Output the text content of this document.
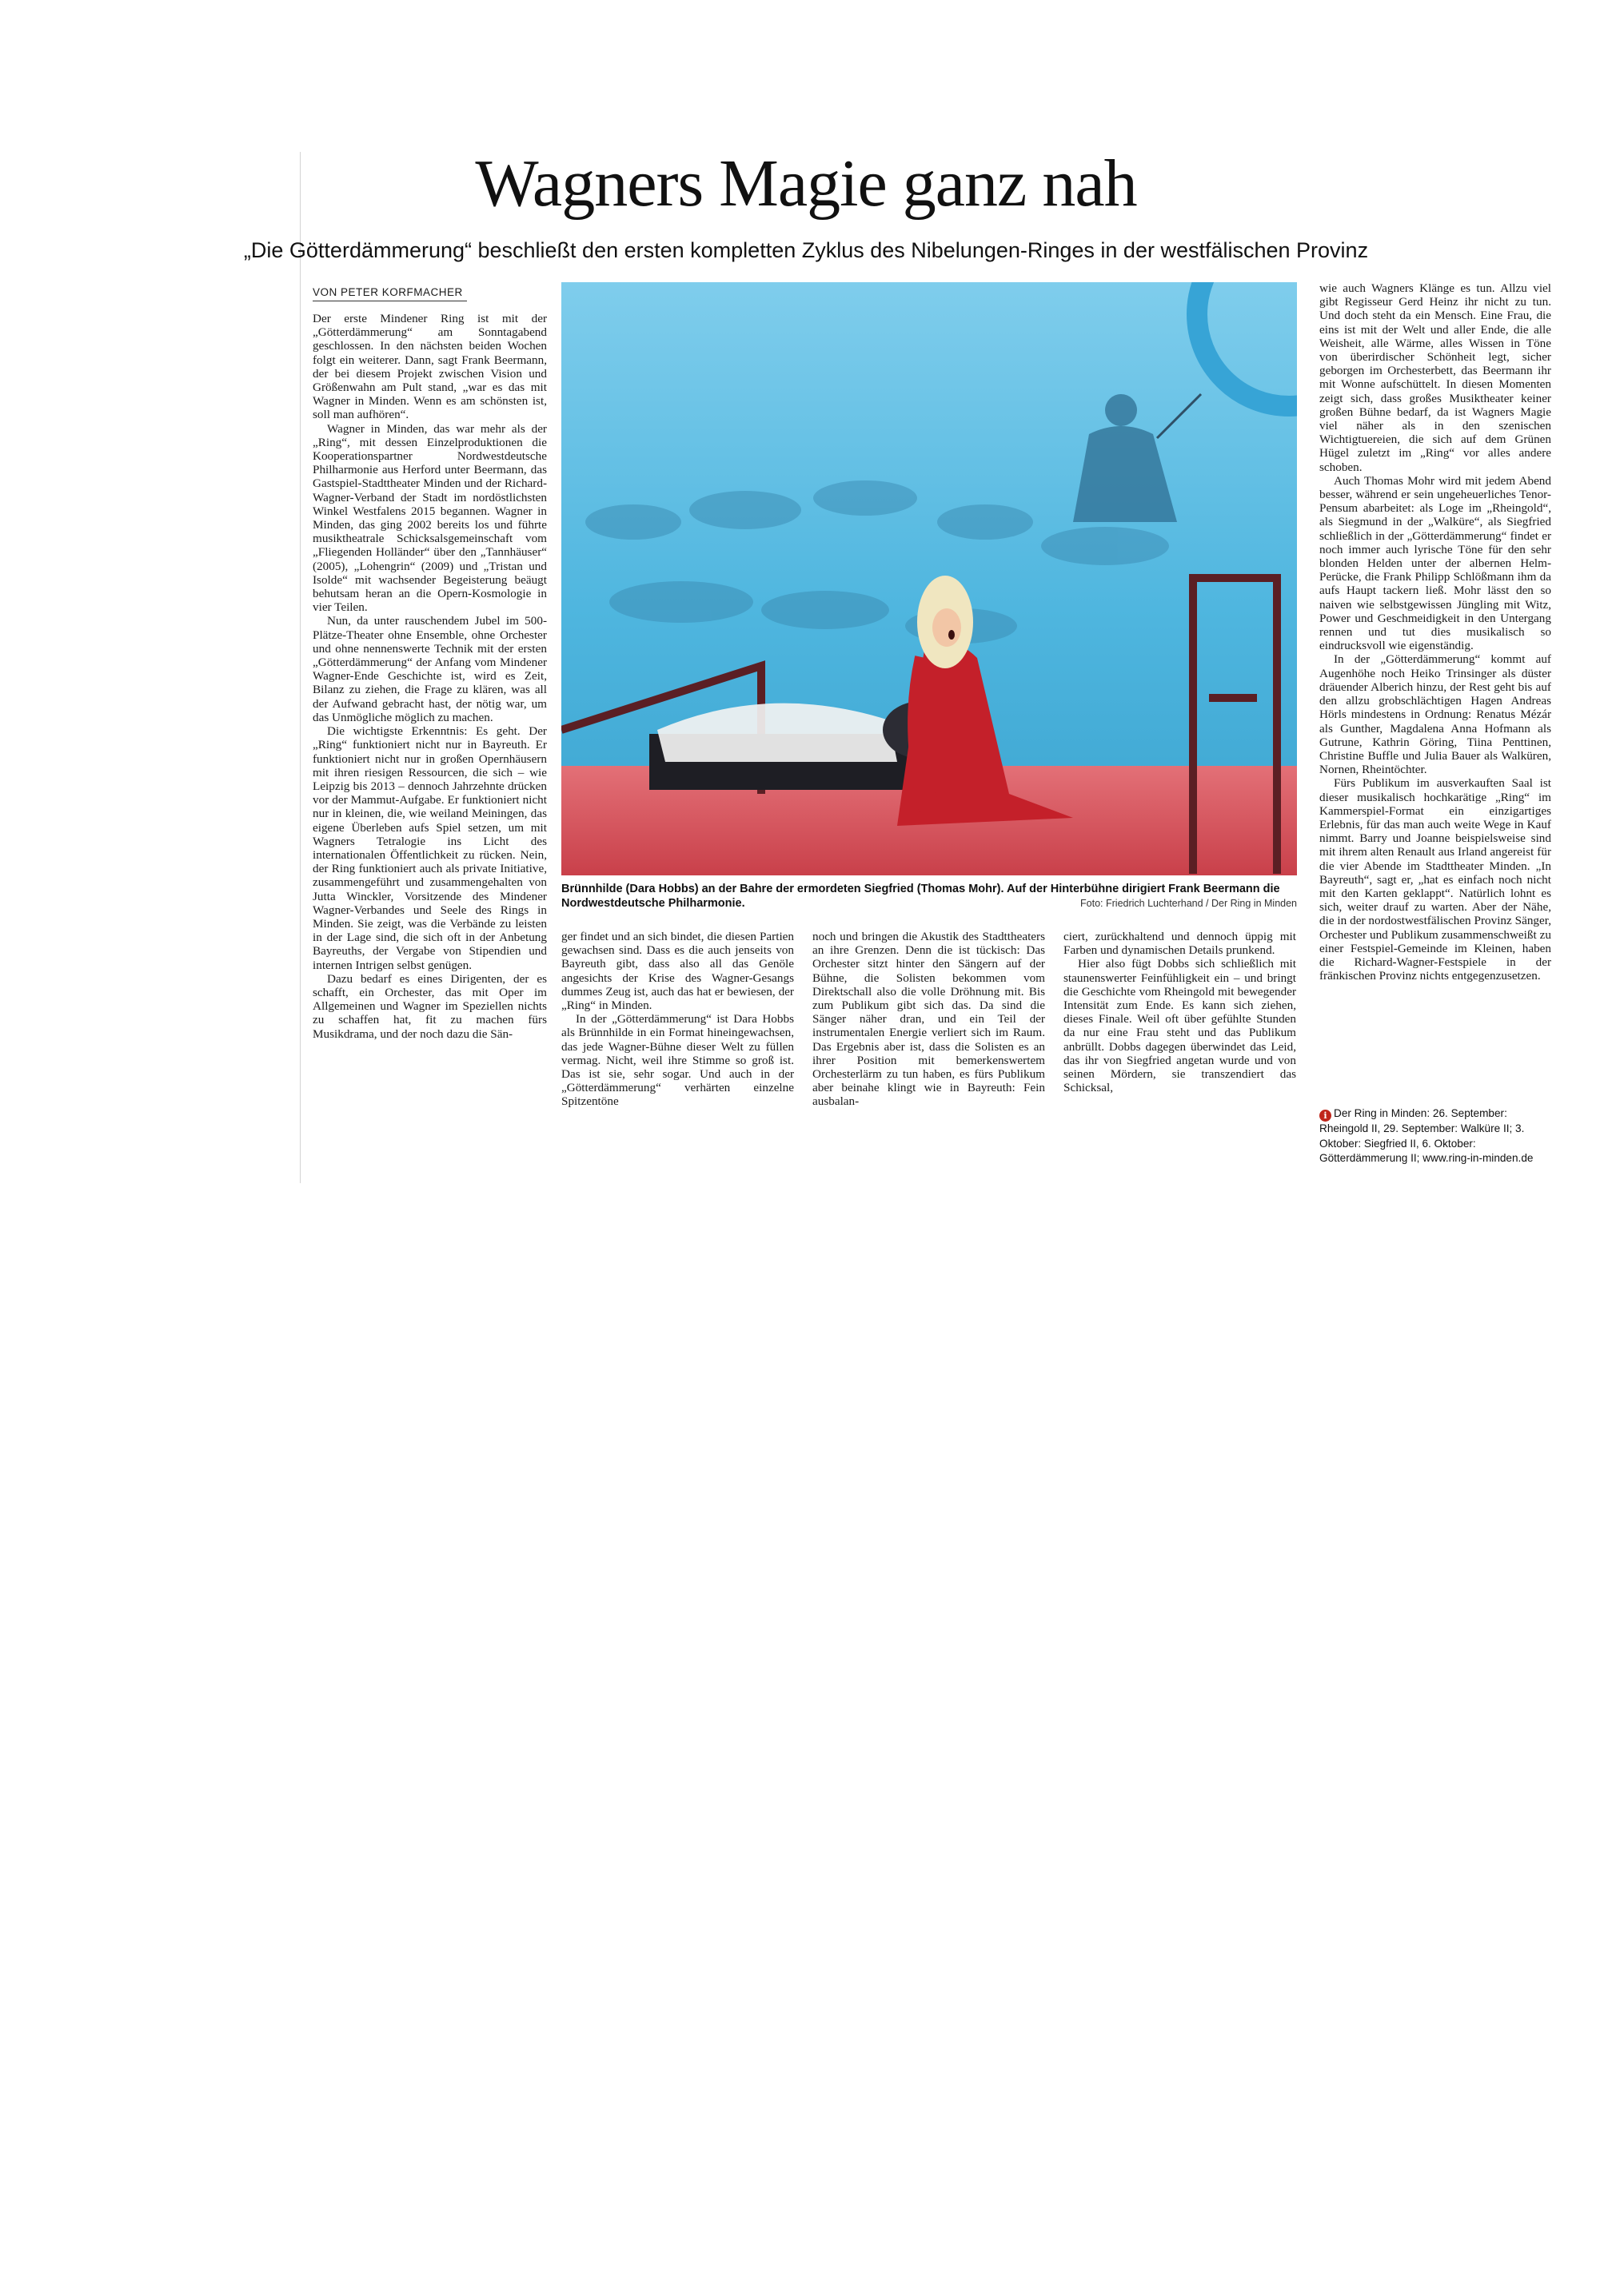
Wagners Magie ganz nah

„Die Götterdämmerung“ beschließt den ersten kompletten Zyklus des Nibelungen-Ringes in der westfälischen Provinz

VON PETER KORFMACHER

Der erste Mindener Ring ist mit der „Götterdämmerung“ am Sonntagabend geschlossen. In den nächsten beiden Wochen folgt ein weiterer. Dann, sagt Frank Beermann, der bei diesem Projekt zwischen Vision und Größenwahn am Pult stand, „war es das mit Wagner in Minden. Wenn es am schönsten ist, soll man aufhören“.

Wagner in Minden, das war mehr als der „Ring“, mit dessen Einzelproduktionen die Kooperationspartner Nordwestdeutsche Philharmonie aus Herford unter Beermann, das Gastspiel-Stadttheater Minden und der Richard-Wagner-Verband der Stadt im nordöstlichsten Winkel Westfalens 2015 begannen. Wagner in Minden, das ging 2002 bereits los und führte musiktheatrale Schicksalsgemeinschaft vom „Fliegenden Holländer“ über den „Tannhäuser“ (2005), „Lohengrin“ (2009) und „Tristan und Isolde“ mit wachsender Begeisterung beäugt behutsam heran an die Opern-Kosmologie in vier Teilen.

Nun, da unter rauschendem Jubel im 500-Plätze-Theater ohne Ensemble, ohne Orchester und ohne nennenswerte Technik mit der ersten „Götterdämmerung“ der Anfang vom Mindener Wagner-Ende Geschichte ist, wird es Zeit, Bilanz zu ziehen, die Frage zu klären, was all der Aufwand gebracht hast, der nötig war, um das Unmögliche möglich zu machen.

Die wichtigste Erkenntnis: Es geht. Der „Ring“ funktioniert nicht nur in Bayreuth. Er funktioniert nicht nur in großen Opernhäusern mit ihren riesigen Ressourcen, die sich – wie Leipzig bis 2013 – dennoch Jahrzehnte drücken vor der Mammut-Aufgabe. Er funktioniert nicht nur in kleinen, die, wie weiland Meiningen, das eigene Überleben aufs Spiel setzen, um mit Wagners Tetralogie ins Licht des internationalen Öffentlichkeit zu rücken. Nein, der Ring funktioniert auch als private Initiative, zusammengeführt und zusammengehalten von Jutta Winckler, Vorsitzende des Mindener Wagner-Verbandes und Seele des Rings in Minden. Sie zeigt, was die Verbände zu leisten in der Lage sind, die sich oft in der Anbetung Bayreuths, der Vergabe von Stipendien und internen Intrigen selbst genügen.

Dazu bedarf es eines Dirigenten, der es schafft, ein Orchester, das mit Oper im Allgemeinen und Wagner im Speziellen nichts zu schaffen hat, fit zu machen fürs Musikdrama, und der noch dazu die Sän-

Brünnhilde (Dara Hobbs) an der Bahre der ermordeten Siegfried (Thomas Mohr). Auf der Hinterbühne dirigiert Frank Beermann die Nordwestdeutsche Philharmonie.	Foto: Friedrich Luchterhand / Der Ring in Minden

ger findet und an sich bindet, die diesen Partien gewachsen sind. Dass es die auch jenseits von Bayreuth gibt, dass also all das Genöle angesichts der Krise des Wagner-Gesangs dummes Zeug ist, auch das hat er bewiesen, der „Ring“ in Minden.

In der „Götterdämmerung“ ist Dara Hobbs als Brünnhilde in ein Format hineingewachsen, das jede Wagner-Bühne dieser Welt zu füllen vermag. Nicht, weil ihre Stimme so groß ist. Das ist sie, sehr sogar. Und auch in der „Götterdämmerung“ verhärten einzelne Spitzentöne

noch und bringen die Akustik des Stadttheaters an ihre Grenzen. Denn die ist tückisch: Das Orchester sitzt hinter den Sängern auf der Bühne, die Solisten bekommen vom Direktschall also die volle Dröhnung mit. Bis zum Publikum gibt sich das. Da sind die Sänger näher dran, und ein Teil der instrumentalen Energie verliert sich im Raum. Das Ergebnis aber ist, dass die Solisten es an ihrer Position mit bemerkenswertem Orchesterlärm zu tun haben, es fürs Publikum aber beinahe klingt wie in Bayreuth: Fein ausbalan-

ciert, zurückhaltend und dennoch üppig mit Farben und dynamischen Details prunkend.

Hier also fügt Dobbs sich schließlich mit staunenswerter Feinfühligkeit ein – und bringt die Geschichte vom Rheingold mit bewegender Intensität zum Ende. Es kann sich ziehen, dieses Finale. Weil oft über gefühlte Stunden da nur eine Frau steht und das Publikum anbrüllt. Dobbs dagegen überwindet das Leid, das ihr von Siegfried angetan wurde und von seinen Mördern, sie transzendiert das Schicksal,

wie auch Wagners Klänge es tun. Allzu viel gibt Regisseur Gerd Heinz ihr nicht zu tun. Und doch steht da ein Mensch. Eine Frau, die eins ist mit der Welt und aller Ende, die alle Weisheit, alle Wärme, alles Wissen in Töne von überirdischer Schönheit legt, sicher geborgen im Orchesterbett, das Beermann ihr mit Wonne aufschüttelt. In diesen Momenten zeigt sich, dass großes Musiktheater keiner großen Bühne bedarf, da ist Wagners Magie viel näher als in den szenischen Wichtigtuereien, die sich auf dem Grünen Hügel zuletzt im „Ring“ vor alles andere schoben.

Auch Thomas Mohr wird mit jedem Abend besser, während er sein ungeheuerliches Tenor-Pensum abarbeitet: als Loge im „Rheingold“, als Siegmund in der „Walküre“, als Siegfried schließlich in der „Götterdämmerung“ findet er noch immer auch lyrische Töne für den sehr blonden Helden unter der albernen Helm-Perücke, die Frank Philipp Schlößmann ihm da aufs Haupt tackern ließ. Mohr lässt den so naiven wie selbstgewissen Jüngling mit Witz, Power und Geschmeidigkeit in den Untergang rennen und tut dies musikalisch so eindrucksvoll wie eigenständig.

In der „Götterdämmerung“ kommt auf Augenhöhe noch Heiko Trinsinger als düster dräuender Alberich hinzu, der Rest geht bis auf den allzu grobschlächtigen Hagen Andreas Hörls mindestens in Ordnung: Renatus Mézár als Gunther, Magdalena Anna Hofmann als Gutrune, Kathrin Göring, Tiina Penttinen, Christine Buffle und Julia Bauer als Walküren, Nornen, Rheintöchter.

Fürs Publikum im ausverkauften Saal ist dieser musikalisch hochkarätige „Ring“ im Kammerspiel-Format ein einzigartiges Erlebnis, für das man auch weite Wege in Kauf nimmt. Barry und Joanne beispielsweise sind mit ihrem alten Renault aus Irland angereist für die vier Abende im Stadttheater Minden. „In Bayreuth“, sagt er, „hat es einfach noch nicht mit den Karten geklappt“. Natürlich lohnt es sich, weiter drauf zu warten. Aber der Nähe, die in der nordostwestfälischen Provinz Sänger, Orchester und Publikum zusammenschweißt zu einer Festspiel-Gemeinde im Kleinen, haben die Richard-Wagner-Festspiele in der fränkischen Provinz nichts entgegenzusetzen.

i Der Ring in Minden: 26. September: Rheingold II, 29. September: Walküre II; 3. Oktober: Siegfried II, 6. Oktober: Götterdämmerung II; www.ring-in-minden.de
